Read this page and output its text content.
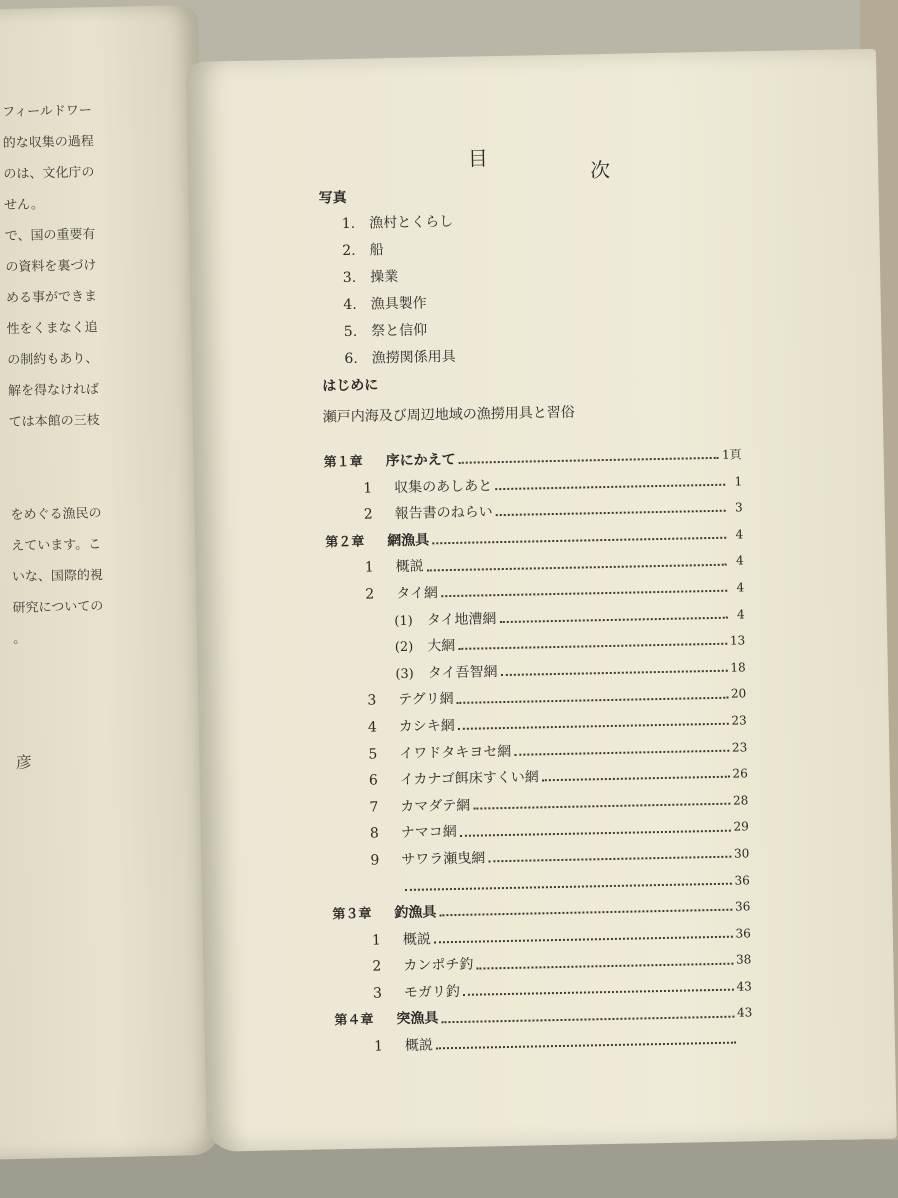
フィールドワー
的な収集の過程
のは、文化庁の
せん。
で、国の重要有
の資料を裏づけ
める事ができま
性をくまなく追
の制約もあり、
解を得なければ
ては本館の三枝
をめぐる漁民の
えています。こ
いな、国際的視
研究についての
。
彦
目	次
写真
1. 漁村とくらし
2. 船
3. 操業
4. 漁具製作
5. 祭と信仰
6. 漁撈関係用具
はじめに
瀬戸内海及び周辺地域の漁撈用具と習俗
第１章	序にかえて	1頁
1	収集のあしあと	1
2	報告書のねらい	3
第２章	網漁具	4
1	概説	4
2	タイ網	4
(1) タイ地漕網	4
(2) 大網	13
(3) タイ吾智網	18
3	テグリ網	20
4	カシキ網	23
5	イワドタキヨセ網	23
6	イカナゴ餌床すくい網	26
7	カマダテ網	28
8	ナマコ網	29
9	サワラ瀬曳網	30
36
第３章	釣漁具	36
1	概説	36
2	カンポチ釣	38
3	モガリ釣	43
第４章	突漁具	43
1	概説
